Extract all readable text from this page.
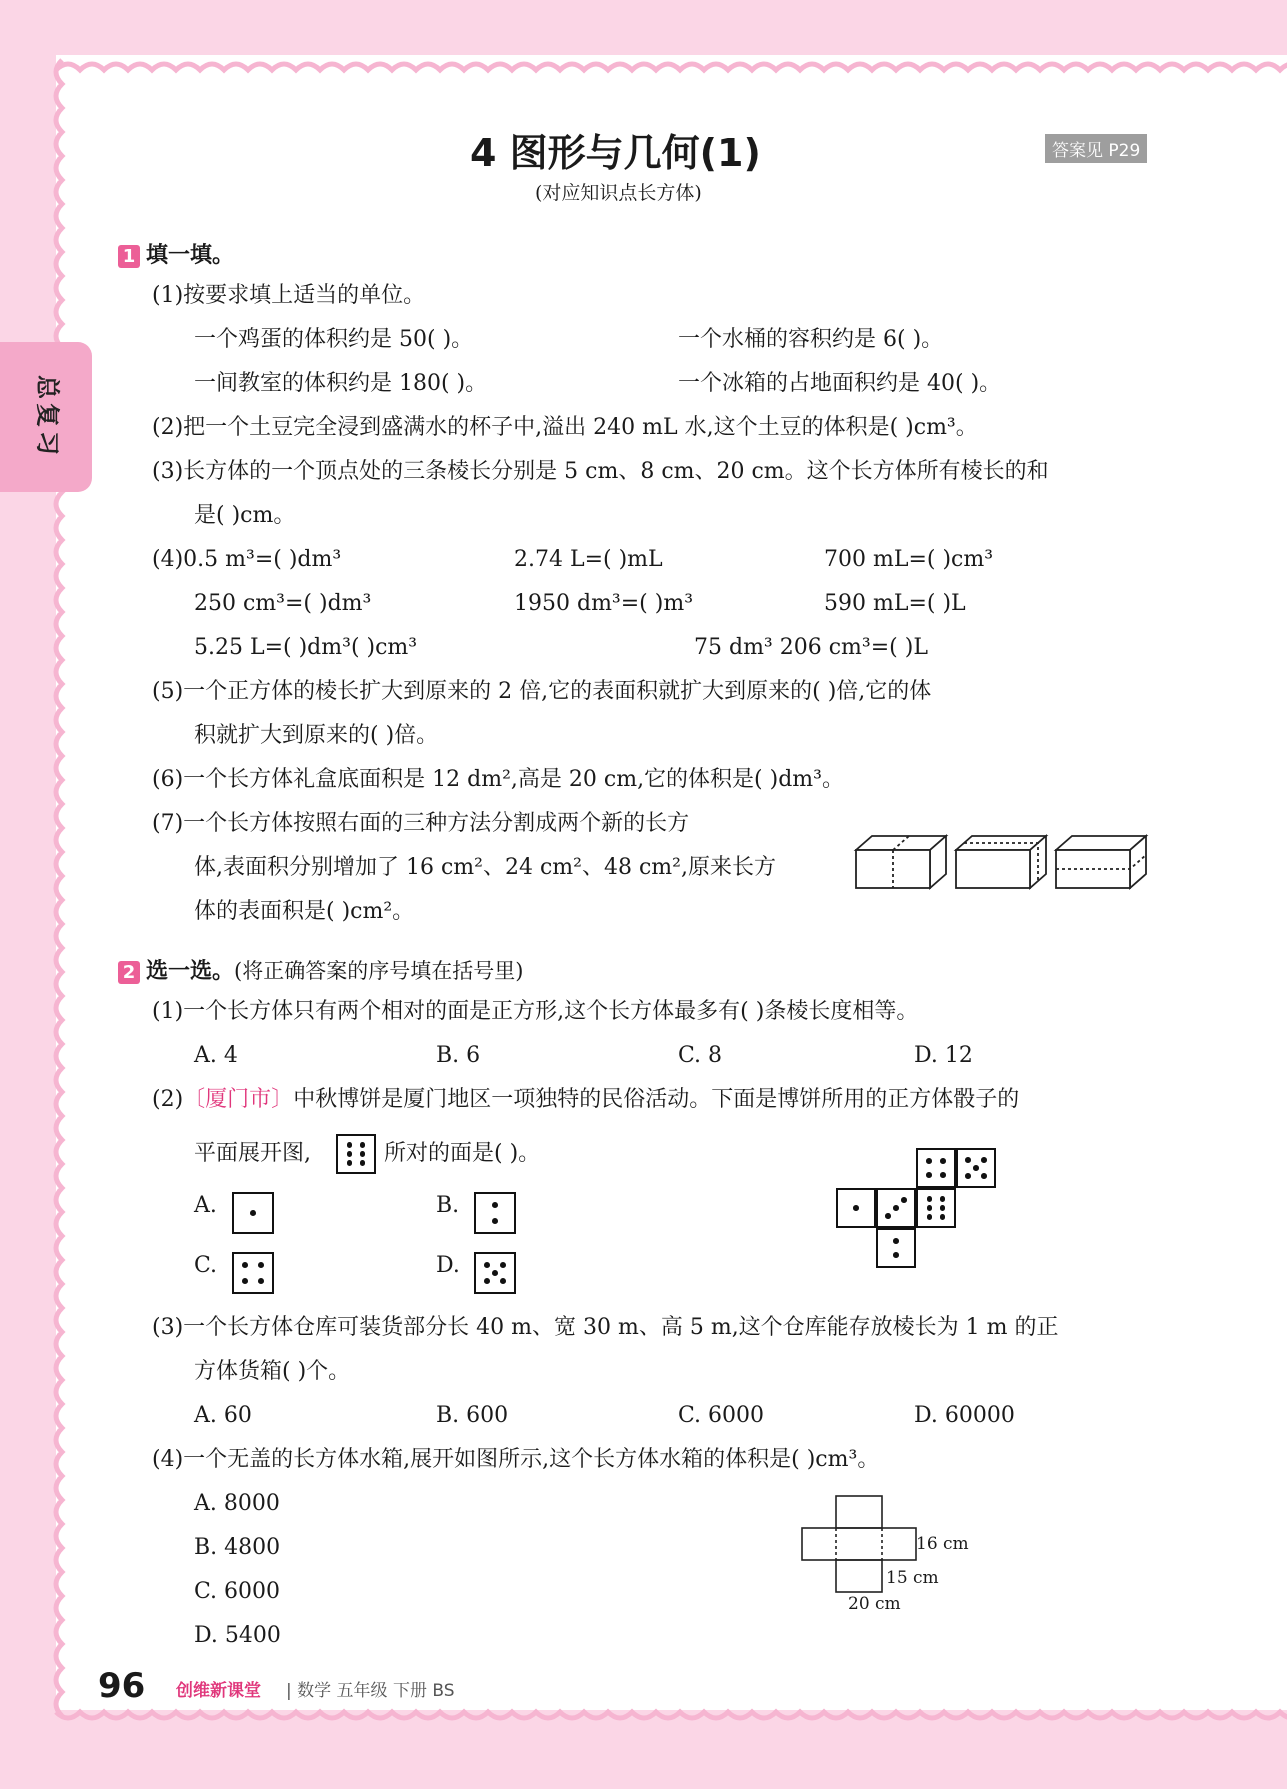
总复习
4 图形与几何(1)	答案见 P29
(对应知识点长方体)
1 填一填。
(1)按要求填上适当的单位。
一个鸡蛋的体积约是 50( )。	一个水桶的容积约是 6( )。
一间教室的体积约是 180( )。	一个冰箱的占地面积约是 40( )。
(2)把一个土豆完全浸到盛满水的杯子中,溢出 240 mL 水,这个土豆的体积是( )cm³。
(3)长方体的一个顶点处的三条棱长分别是 5 cm、8 cm、20 cm。这个长方体所有棱长的和
是( )cm。
(4)0.5 m³=( )dm³	2.74 L=( )mL	700 mL=( )cm³
250 cm³=( )dm³	1950 dm³=( )m³	590 mL=( )L
5.25 L=( )dm³( )cm³	75 dm³ 206 cm³=( )L
(5)一个正方体的棱长扩大到原来的 2 倍,它的表面积就扩大到原来的( )倍,它的体
积就扩大到原来的( )倍。
(6)一个长方体礼盒底面积是 12 dm²,高是 20 cm,它的体积是( )dm³。
(7)一个长方体按照右面的三种方法分割成两个新的长方
体,表面积分别增加了 16 cm²、24 cm²、48 cm²,原来长方
体的表面积是( )cm²。
2 选一选。(将正确答案的序号填在括号里)
(1)一个长方体只有两个相对的面是正方形,这个长方体最多有( )条棱长度相等。
A. 4	B. 6	C. 8	D. 12
(2)〔厦门市〕中秋博饼是厦门地区一项独特的民俗活动。下面是博饼所用的正方体骰子的
平面展开图,	所对的面是( )。
A.	B.
C.	D.
(3)一个长方体仓库可装货部分长 40 m、宽 30 m、高 5 m,这个仓库能存放棱长为 1 m 的正
方体货箱( )个。
A. 60	B. 600	C. 6000	D. 60000
(4)一个无盖的长方体水箱,展开如图所示,这个长方体水箱的体积是( )cm³。
A. 8000
B. 4800
C. 6000
D. 5400
16 cm
15 cm
20 cm
96 创维新课堂 | 数学 五年级 下册 BS
